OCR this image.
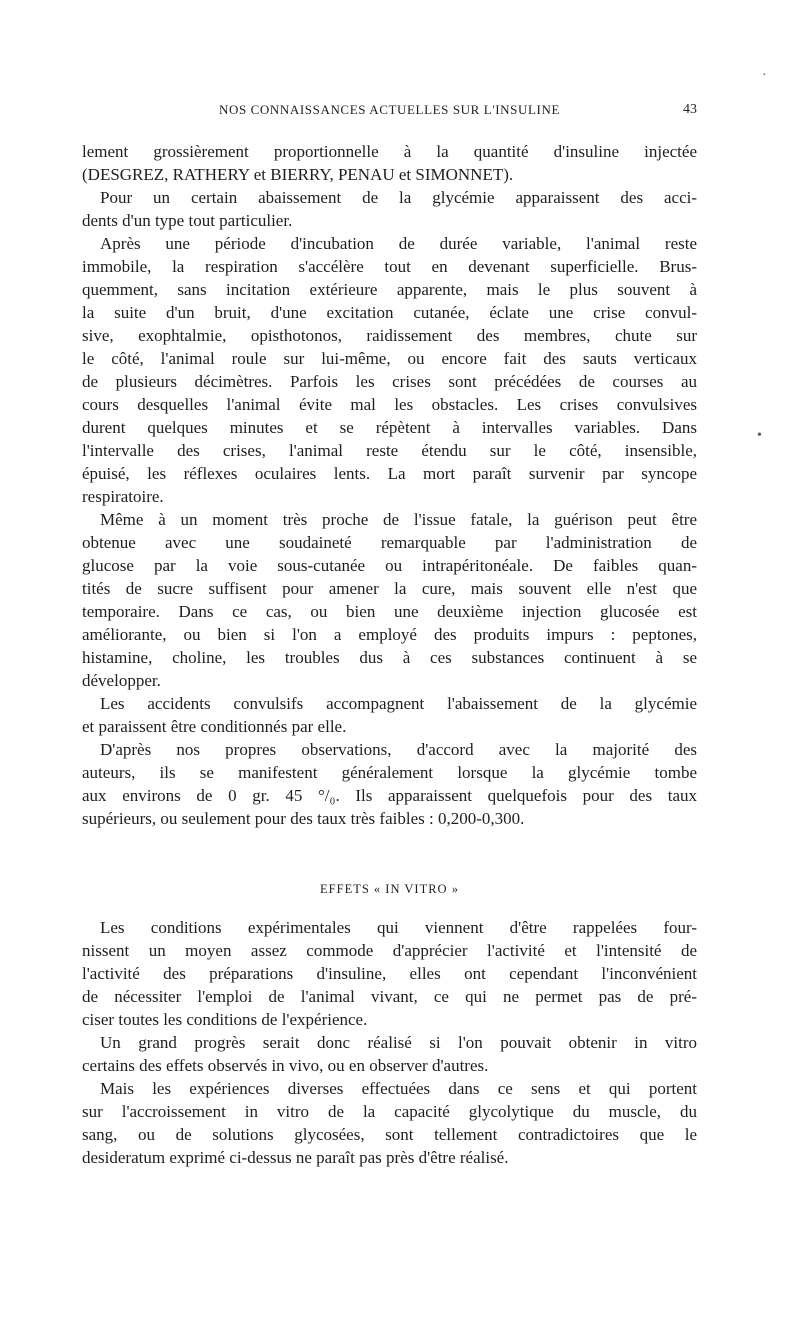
NOS CONNAISSANCES ACTUELLES SUR L'INSULINE	43
lement grossièrement proportionnelle à la quantité d'insuline injectée
(DESGREZ, RATHERY et BIERRY, PENAU et SIMONNET).
Pour un certain abaissement de la glycémie apparaissent des acci-
dents d'un type tout particulier.
Après une période d'incubation de durée variable, l'animal reste
immobile, la respiration s'accélère tout en devenant superficielle. Brus-
quemment, sans incitation extérieure apparente, mais le plus souvent à
la suite d'un bruit, d'une excitation cutanée, éclate une crise convul-
sive, exophtalmie, opisthotonos, raidissement des membres, chute sur
le côté, l'animal roule sur lui-même, ou encore fait des sauts verticaux
de plusieurs décimètres. Parfois les crises sont précédées de courses au
cours desquelles l'animal évite mal les obstacles. Les crises convulsives
durent quelques minutes et se répètent à intervalles variables. Dans
l'intervalle des crises, l'animal reste étendu sur le côté, insensible,
épuisé, les réflexes oculaires lents. La mort paraît survenir par syncope
respiratoire.
Même à un moment très proche de l'issue fatale, la guérison peut être
obtenue avec une soudaineté remarquable par l'administration de
glucose par la voie sous-cutanée ou intrapéritonéale. De faibles quan-
tités de sucre suffisent pour amener la cure, mais souvent elle n'est que
temporaire. Dans ce cas, ou bien une deuxième injection glucosée est
améliorante, ou bien si l'on a employé des produits impurs : peptones,
histamine, choline, les troubles dus à ces substances continuent à se
développer.
Les accidents convulsifs accompagnent l'abaissement de la glycémie
et paraissent être conditionnés par elle.
D'après nos propres observations, d'accord avec la majorité des
auteurs, ils se manifestent généralement lorsque la glycémie tombe
aux environs de 0 gr. 45 °/₀. Ils apparaissent quelquefois pour des taux
supérieurs, ou seulement pour des taux très faibles : 0,200-0,300.
EFFETS « IN VITRO »
Les conditions expérimentales qui viennent d'être rappelées four-
nissent un moyen assez commode d'apprécier l'activité et l'intensité de
l'activité des préparations d'insuline, elles ont cependant l'inconvénient
de nécessiter l'emploi de l'animal vivant, ce qui ne permet pas de pré-
ciser toutes les conditions de l'expérience.
Un grand progrès serait donc réalisé si l'on pouvait obtenir in vitro
certains des effets observés in vivo, ou en observer d'autres.
Mais les expériences diverses effectuées dans ce sens et qui portent
sur l'accroissement in vitro de la capacité glycolytique du muscle, du
sang, ou de solutions glycosées, sont tellement contradictoires que le
desideratum exprimé ci-dessus ne paraît pas près d'être réalisé.
·
•
